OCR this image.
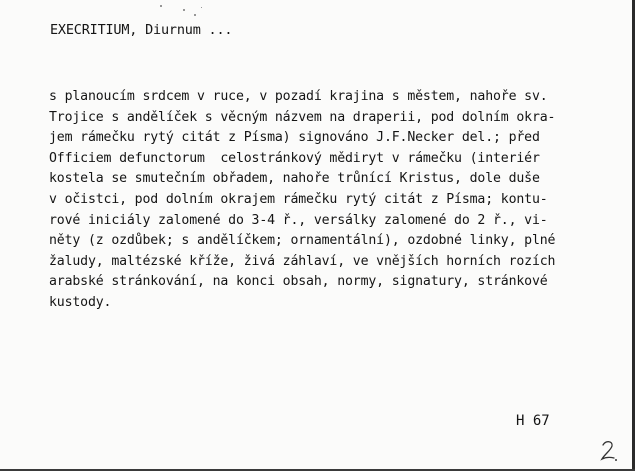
EXECRITIUM, Diurnum ...
s planoucím srdcem v ruce, v pozadí krajina s městem, nahoře sv.
Trojice s andělíček s věcným názvem na draperii, pod dolním okra-
jem rámečku rytý citát z Písma) signováno J.F.Necker del.; před
Officiem defunctorum  celostránkový mědiryt v rámečku (interiér
kostela se smutečním obřadem, nahoře trůnící Kristus, dole duše
v očistci, pod dolním okrajem rámečku rytý citát z Písma; kontu-
rové iniciály zalomené do 3-4 ř., versálky zalomené do 2 ř., vi-
něty (z ozdůbek; s andělíčkem; ornamentální), ozdobné linky, plné
žaludy, maltézské kříže, živá záhlaví, ve vnějších horních rozích
arabské stránkování, na konci obsah, normy, signatury, stránkové
kustody.
H 67
